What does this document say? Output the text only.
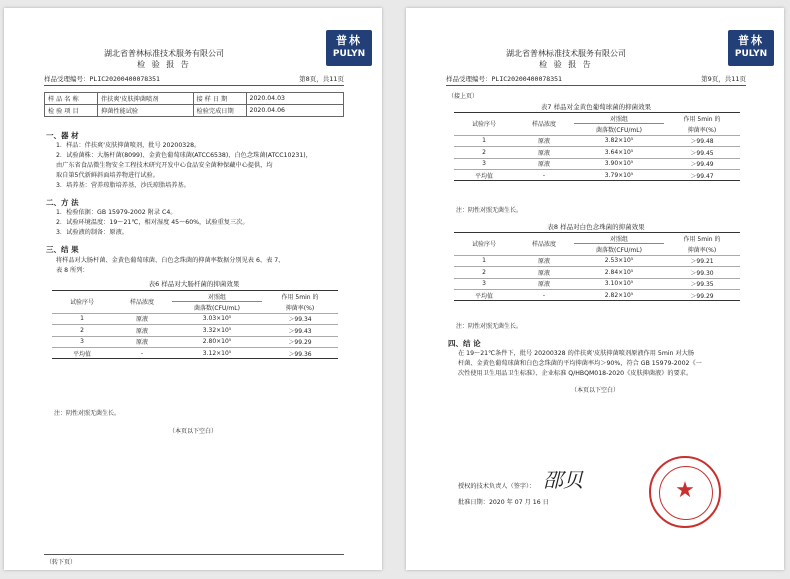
普林
PULYN
湖北省普林标准技术服务有限公司
检 验 报 告
样品受理编号：PLIC20200400078351	第8页，共11页
样 品 名 称	伴扶爽'皮肤抑菌喷剂	接 样 日 期	2020.04.03
检 验 项 目	抑菌性能试验	检验完成日期	2020.04.06
一、器 材
1．样品：伴扶爽'皮肤抑菌喷剂，批号 20200328。
2．试验菌株：大肠杆菌(8099)、金黄色葡萄球菌(ATCC6538)、白色念珠菌(ATCC10231)，
由广东省食品微生物安全工程技术研究开发中心食品安全菌种保藏中心提供，均
取自第5代新鲜斜面培养物进行试验。
3．培养基：营养琼脂培养基，沙氏琼脂培养基。
二、方 法
1．检验依据：GB 15979-2002 附录 C4。
2．试验环境温度：19～21℃，相对湿度 45～60%，试验重复三次。
3．试验液的制备：原液。
三、结 果
将样品对大肠杆菌、金黄色葡萄球菌、白色念珠菌的抑菌率数据分别见表 6、表 7、
表 8 所列：
表6 样品对大肠杆菌的抑菌效果
试验序号	样品浓度	对照组	作用 5min 的
		菌落数(CFU/mL)	抑菌率(%)
1	原液	3.03×10⁵	＞99.34
2	原液	3.32×10⁵	＞99.43
3	原液	2.80×10⁵	＞99.29
平均值	-	3.12×10⁵	＞99.36
注：阴性对照无菌生长。
（本页以下空白）
（转下页）
普林
PULYN
湖北省普林标准技术服务有限公司
检 验 报 告
样品受理编号：PLIC20200400078351	第9页，共11页
（接上页）
表7 样品对金黄色葡萄球菌的抑菌效果
试验序号	样品浓度	对照组	作用 5min 的
		菌落数(CFU/mL)	抑菌率(%)
1	原液	3.82×10⁵	＞99.48
2	原液	3.64×10⁵	＞99.45
3	原液	3.90×10⁵	＞99.49
平均值	-	3.79×10⁵	＞99.47
注：阴性对照无菌生长。
表8 样品对白色念珠菌的抑菌效果
试验序号	样品浓度	对照组	作用 5min 的
		菌落数(CFU/mL)	抑菌率(%)
1	原液	2.53×10⁵	＞99.21
2	原液	2.84×10⁵	＞99.30
3	原液	3.10×10⁵	＞99.35
平均值	-	2.82×10⁵	＞99.29
注：阴性对照无菌生长。
四、结 论
在 19～21℃条件下，批号 20200328 的伴扶爽'皮肤抑菌喷剂原液作用 5min 对大肠
杆菌、金黄色葡萄球菌和白色念珠菌的平均抑菌率均＞90%，符合 GB 15979-2002《一
次性使用卫生用品卫生标准》、企业标准 Q/HBQM018-2020《皮肤抑菌液》的要求。
（本页以下空白）
授权的技术负责人（签字）： 邵贝
批准日期：2020 年 07 月 16 日	★
